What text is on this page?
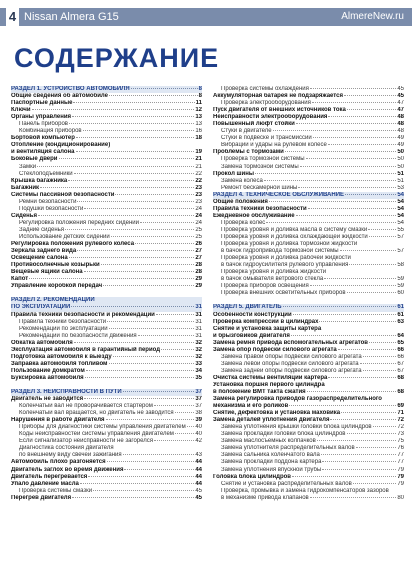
4 Nissan Almera G15	AlmereNew.ru
СОДЕРЖАНИЕ
РАЗДЕЛ 1. УСТРОЙСТВО АВТОМОБИЛЯ	8
Общие сведения об автомобиле	8
Паспортные данные	11
Ключи	12
Органы управления	13
Панель приборов	13
Комбинация приборов	16
Бортовой компьютер	18
Отопление (кондиционирование)
и вентиляция салона	19
Боковые двери	21
Замки	21
Стеклоподъемники	22
Крышка багажника	22
Багажник	23
Системы пассивной безопасности	23
Ремни безопасности	23
Подушки безопасности	24
Сиденья	24
Регулировка положения передних сидений	24
Задние сиденья	25
Использование детских сидений	25
Регулировка положения рулевого колеса	26
Зеркала заднего вида	27
Освещение салона	27
Противосолнечные козырьки	28
Вещевые ящики салона	28
Капот	29
Управление коробкой передач	29
РАЗДЕЛ 2. РЕКОМЕНДАЦИИ
ПО ЭКСПЛУАТАЦИИ	31
Правила техники безопасности и рекомендации	31
Правила техники безопасности	31
Рекомендации по эксплуатации	31
Рекомендации по безопасности движения	31
Обкатка автомобиля	32
Эксплуатация автомобиля в гарантийный период	32
Подготовка автомобиля к выезду	32
Заправка автомобиля топливом	33
Пользование домкратом	34
Буксировка автомобиля	35
РАЗДЕЛ 3. НЕИСПРАВНОСТИ В ПУТИ	37
Двигатель не заводится	37
Коленчатый вал не проворачивается стартером	37
Коленчатый вал вращается, но двигатель не заводится	38
Нарушения в работе двигателя	39
Приборы для диагностики системы управления двигателем 40
Коды неисправностей системы управления двигателем	40
Если сигнализатор неисправности не загорелся	42
Диагностика состояния двигателя
по внешнему виду свечей зажигания	43
Автомобиль плохо разгоняется	44
Двигатель заглох во время движения	44
Двигатель перегревается	44
Упало давление масла	44
Проверка системы смазки	45
Перегрев двигателя	45
Проверка системы охлаждения	45
Аккумуляторная батарея не подзаряжается	45
Проверка электрооборудования	47
Пуск двигателя от внешних источников тока	47
Неисправности электрооборудования	48
Повышенный люфт стойки	48
Стуки в двигателе	48
Стуки в подвеске и трансмиссии	49
Вибрации и удары на рулевом колесе	49
Проблемы с тормозами	50
Проверка тормозной системы	50
Замена тормозной системы	50
Прокол шины	51
Замена колеса	51
Ремонт бескамерной шины	53
РАЗДЕЛ 4. ТЕХНИЧЕСКОЕ ОБСЛУЖИВАНИЕ	54
Общие положения	54
Правила техники безопасности	54
Ежедневное обслуживание	54
Проверка колес	54
Проверка уровня и доливка масла в систему смазки	55
Проверка уровня и доливка охлаждающей жидкости	57
Проверка уровня и доливка тормозной жидкости
в бачок гидропривода тормозной системы	57
Проверка уровня и доливка рабочей жидкости
в бачок гидроусилителя рулевого управления	58
Проверка уровня и доливка жидкости
в бачок омывателя ветрового стекла	59
Проверка приборов освещения	59
Проверка внешних осветительных приборов	60
РАЗДЕЛ 5. ДВИГАТЕЛЬ	61
Особенности конструкции	61
Проверка компрессии в цилиндрах	63
Снятие и установка защиты картера
и брызговиков двигателя	64
Замена ремня привода вспомогательных агрегатов	65
Замена опор подвески силового агрегата	66
Замена правой опоры подвески силового агрегата	66
Замена левой опоры подвески силового агрегата	67
Замена задней опоры подвески силового агрегата	67
Очистка системы вентиляции картера	68
Установка поршня первого цилиндра
в положение ВМТ такта сжатия	68
Замена регулировка приводов газораспределительного
механизма и его роликов	69
Снятие, дефектовка и установка маховика	71
Замена деталей уплотнения двигателя	72
Замена уплотнения крышки головки блока цилиндров	72
Замена прокладки головки блока цилиндров	73
Замена маслосъемных колпачков	75
Замена уплотнителя распределительных валов	76
Замена сальника коленчатого вала	77
Замена прокладки поддона картера	77
Замена уплотнения впускной трубы	79
Головка блока цилиндров	79
Снятие и установка распределительных валов	79
Проверка, промывка и замена гидрокомпенсаторов зазоров
в механизме привода клапанов	80
